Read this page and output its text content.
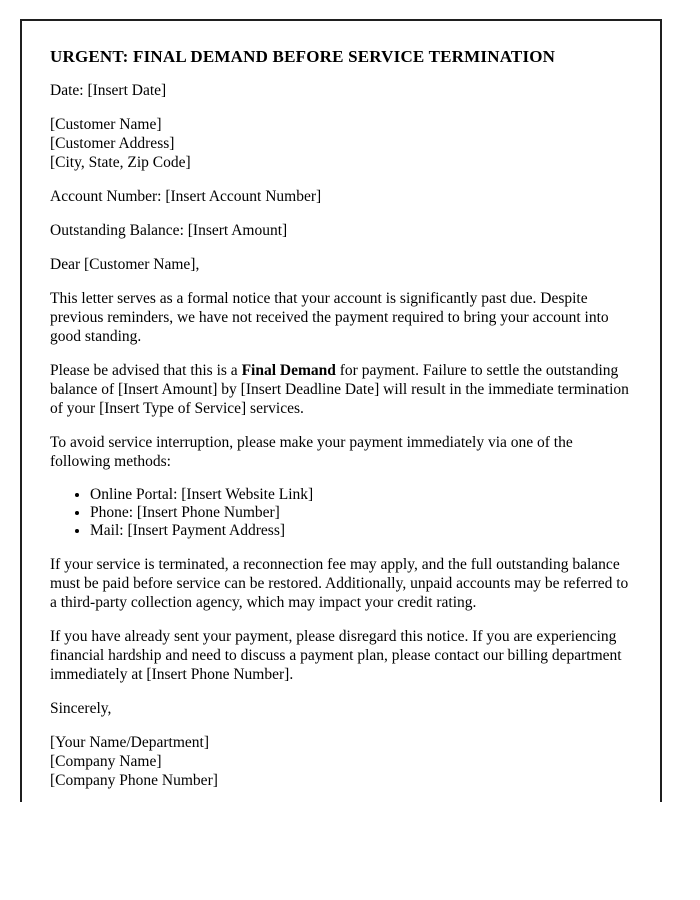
URGENT: FINAL DEMAND BEFORE SERVICE TERMINATION

Date: [Insert Date]

[Customer Name]

[Customer Address]

[City, State, Zip Code]

Account Number: [Insert Account Number]

Outstanding Balance: [Insert Amount]

Dear [Customer Name],

This letter serves as a formal notice that your account is significantly past due. Despite previous reminders, we have not received the payment required to bring your account into good standing.

Please be advised that this is a Final Demand for payment. Failure to settle the outstanding balance of [Insert Amount] by [Insert Deadline Date] will result in the immediate termination of your [Insert Type of Service] services.

To avoid service interruption, please make your payment immediately via one of the following methods:

• Online Portal: [Insert Website Link]
• Phone: [Insert Phone Number]
• Mail: [Insert Payment Address]

If your service is terminated, a reconnection fee may apply, and the full outstanding balance must be paid before service can be restored. Additionally, unpaid accounts may be referred to a third-party collection agency, which may impact your credit rating.

If you have already sent your payment, please disregard this notice. If you are experiencing financial hardship and need to discuss a payment plan, please contact our billing department immediately at [Insert Phone Number].

Sincerely,

[Your Name/Department]

[Company Name]

[Company Phone Number]
